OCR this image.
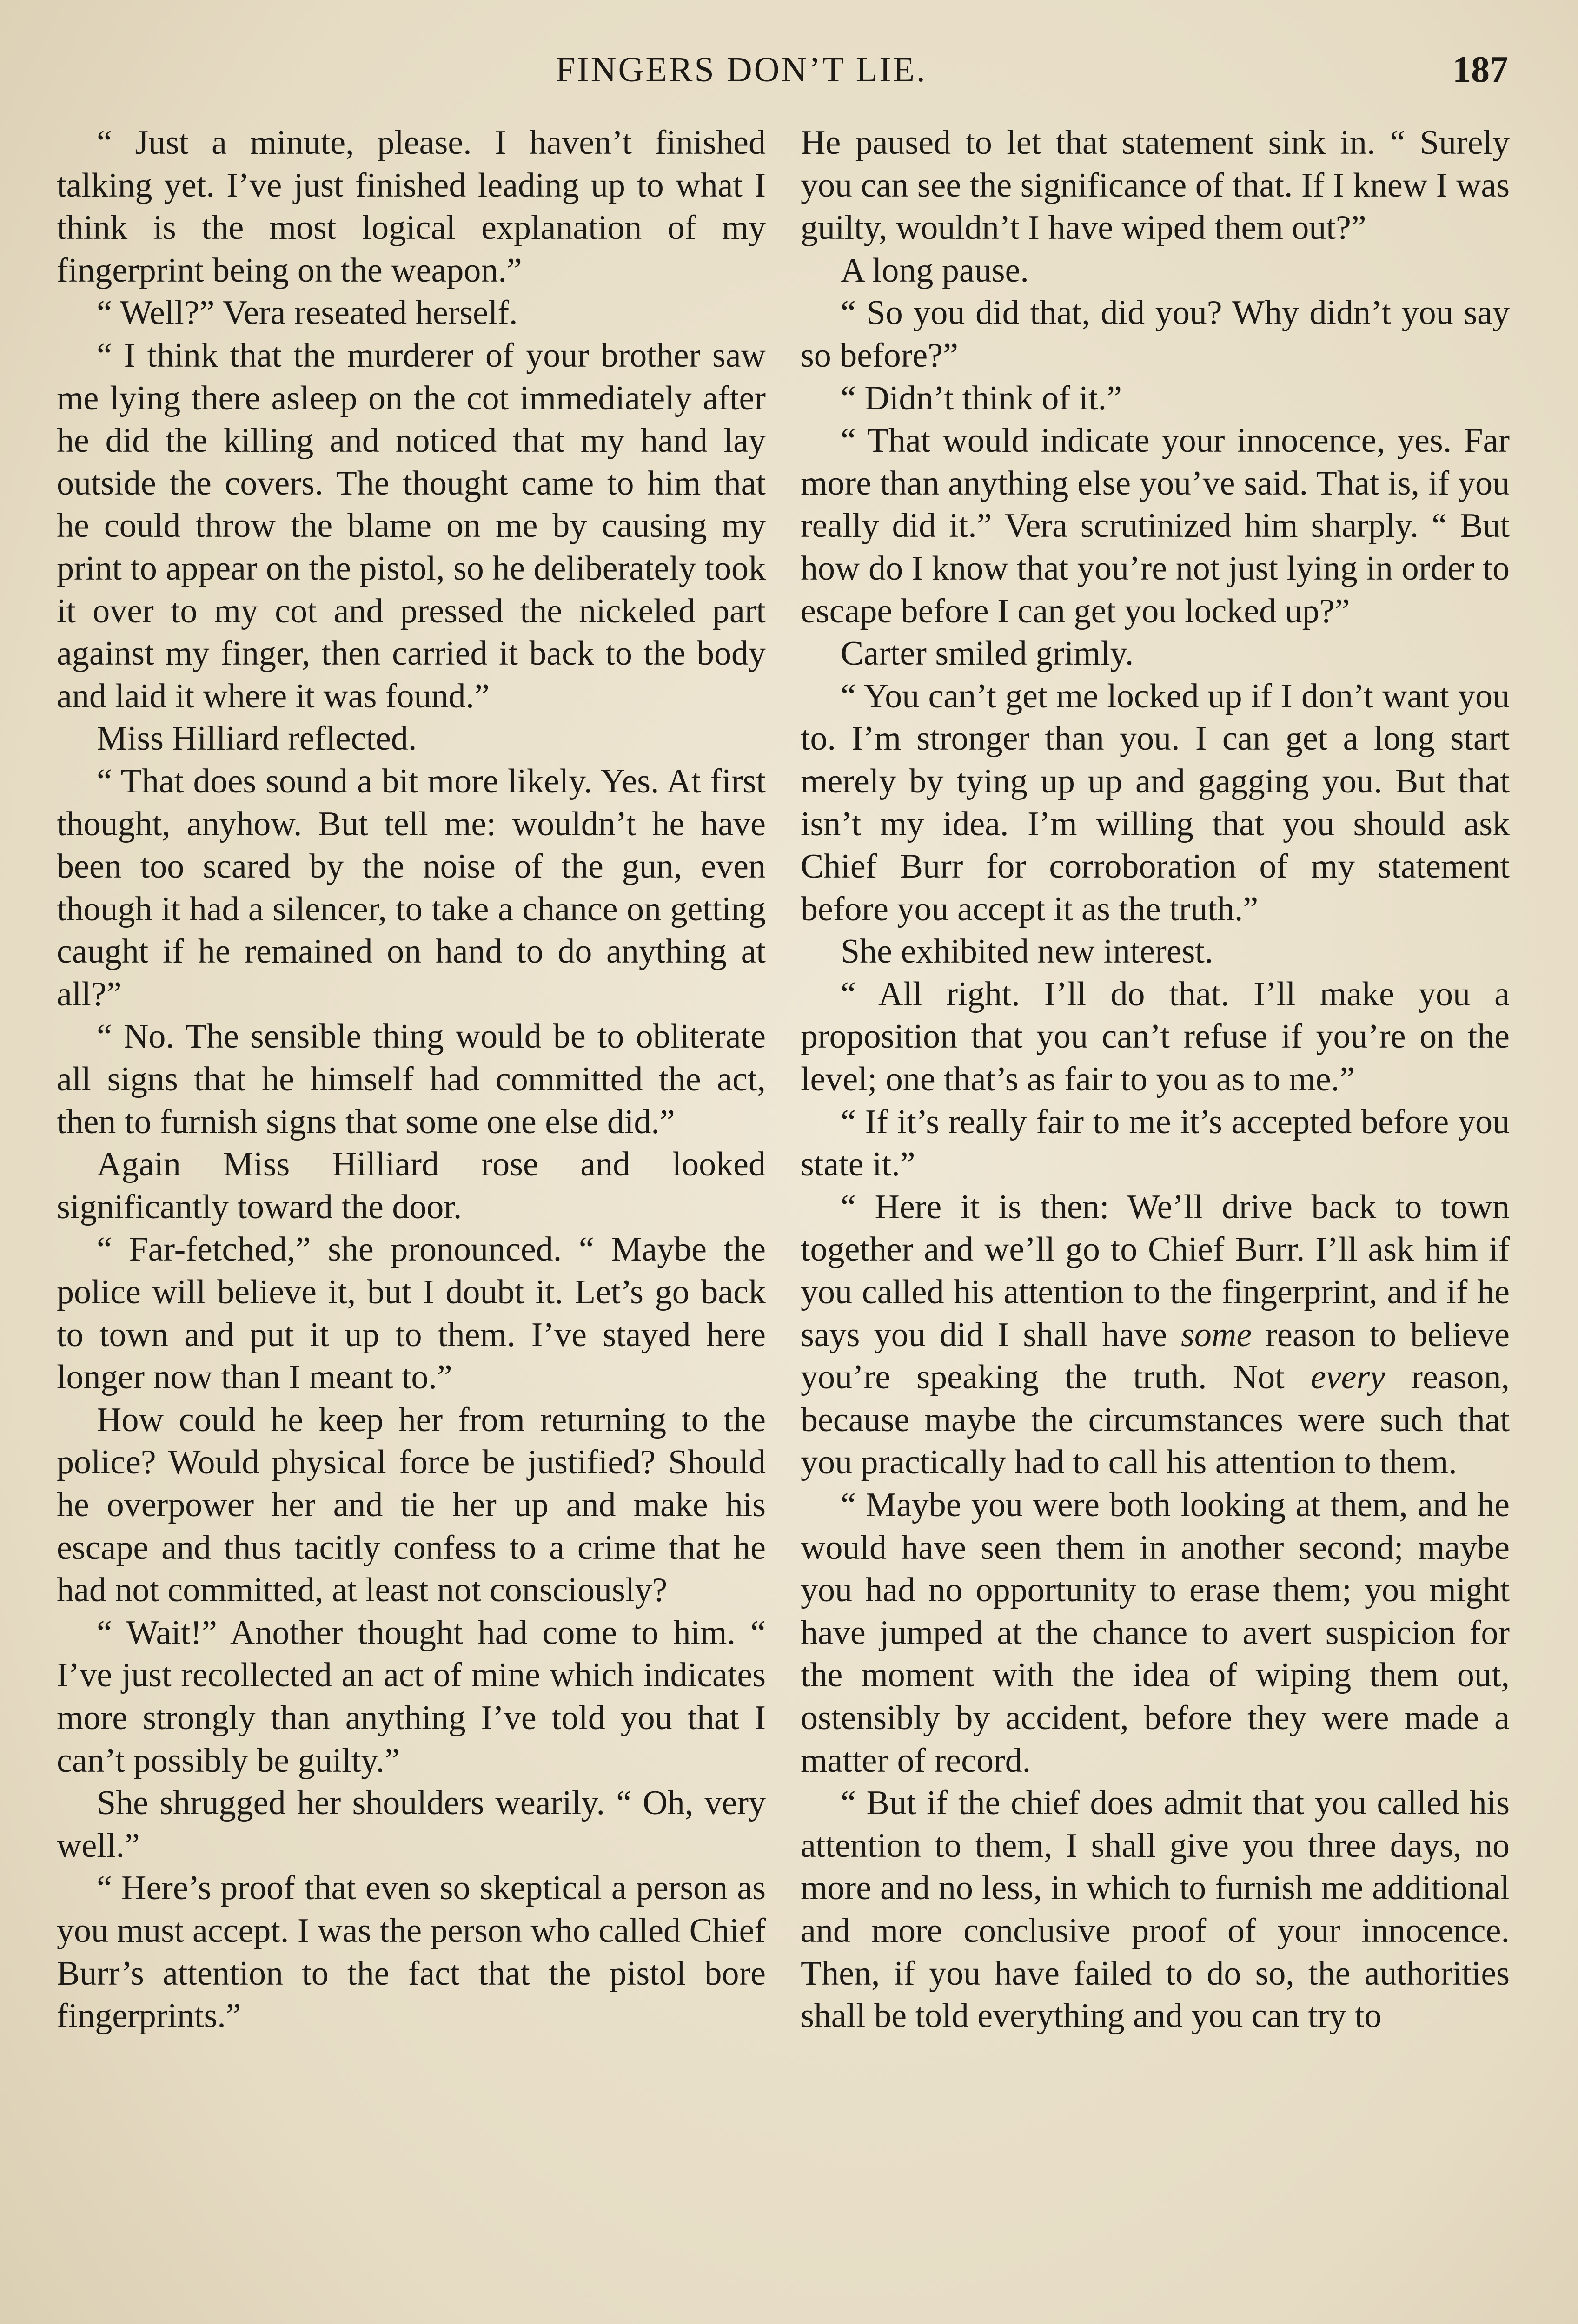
FINGERS DON’T LIE.	187

“ Just a minute, please. I haven’t finished talking yet. I’ve just finished leading up to what I think is the most logical explanation of my fingerprint being on the weapon.”

“ Well?” Vera reseated herself.

“ I think that the murderer of your brother saw me lying there asleep on the cot immediately after he did the killing and noticed that my hand lay outside the covers. The thought came to him that he could throw the blame on me by causing my print to appear on the pistol, so he deliberately took it over to my cot and pressed the nickeled part against my finger, then carried it back to the body and laid it where it was found.”

Miss Hilliard reflected.

“ That does sound a bit more likely. Yes. At first thought, anyhow. But tell me: wouldn’t he have been too scared by the noise of the gun, even though it had a silencer, to take a chance on getting caught if he remained on hand to do anything at all?”

“ No. The sensible thing would be to obliterate all signs that he himself had committed the act, then to furnish signs that some one else did.”

Again Miss Hilliard rose and looked significantly toward the door.

“ Far-fetched,” she pronounced. “ Maybe the police will believe it, but I doubt it. Let’s go back to town and put it up to them. I’ve stayed here longer now than I meant to.”

How could he keep her from returning to the police? Would physical force be justified? Should he overpower her and tie her up and make his escape and thus tacitly confess to a crime that he had not committed, at least not consciously?

“ Wait!” Another thought had come to him. “ I’ve just recollected an act of mine which indicates more strongly than anything I’ve told you that I can’t possibly be guilty.”

She shrugged her shoulders wearily. “ Oh, very well.”

“ Here’s proof that even so skeptical a person as you must accept. I was the person who called Chief Burr’s attention to the fact that the pistol bore fingerprints.”

He paused to let that statement sink in. “ Surely you can see the significance of that. If I knew I was guilty, wouldn’t I have wiped them out?”

A long pause.

“ So you did that, did you? Why didn’t you say so before?”

“ Didn’t think of it.”

“ That would indicate your innocence, yes. Far more than anything else you’ve said. That is, if you really did it.” Vera scrutinized him sharply. “ But how do I know that you’re not just lying in order to escape before I can get you locked up?”

Carter smiled grimly.

“ You can’t get me locked up if I don’t want you to. I’m stronger than you. I can get a long start merely by tying up up and gagging you. But that isn’t my idea. I’m willing that you should ask Chief Burr for corroboration of my statement before you accept it as the truth.”

She exhibited new interest.

“ All right. I’ll do that. I’ll make you a proposition that you can’t refuse if you’re on the level; one that’s as fair to you as to me.”

“ If it’s really fair to me it’s accepted before you state it.”

“ Here it is then: We’ll drive back to town together and we’ll go to Chief Burr. I’ll ask him if you called his attention to the fingerprint, and if he says you did I shall have some reason to believe you’re speaking the truth. Not every reason, because maybe the circumstances were such that you practically had to call his attention to them.

“ Maybe you were both looking at them, and he would have seen them in another second; maybe you had no opportunity to erase them; you might have jumped at the chance to avert suspicion for the moment with the idea of wiping them out, ostensibly by accident, before they were made a matter of record.

“ But if the chief does admit that you called his attention to them, I shall give you three days, no more and no less, in which to furnish me additional and more conclusive proof of your innocence. Then, if you have failed to do so, the authorities shall be told everything and you can try to
